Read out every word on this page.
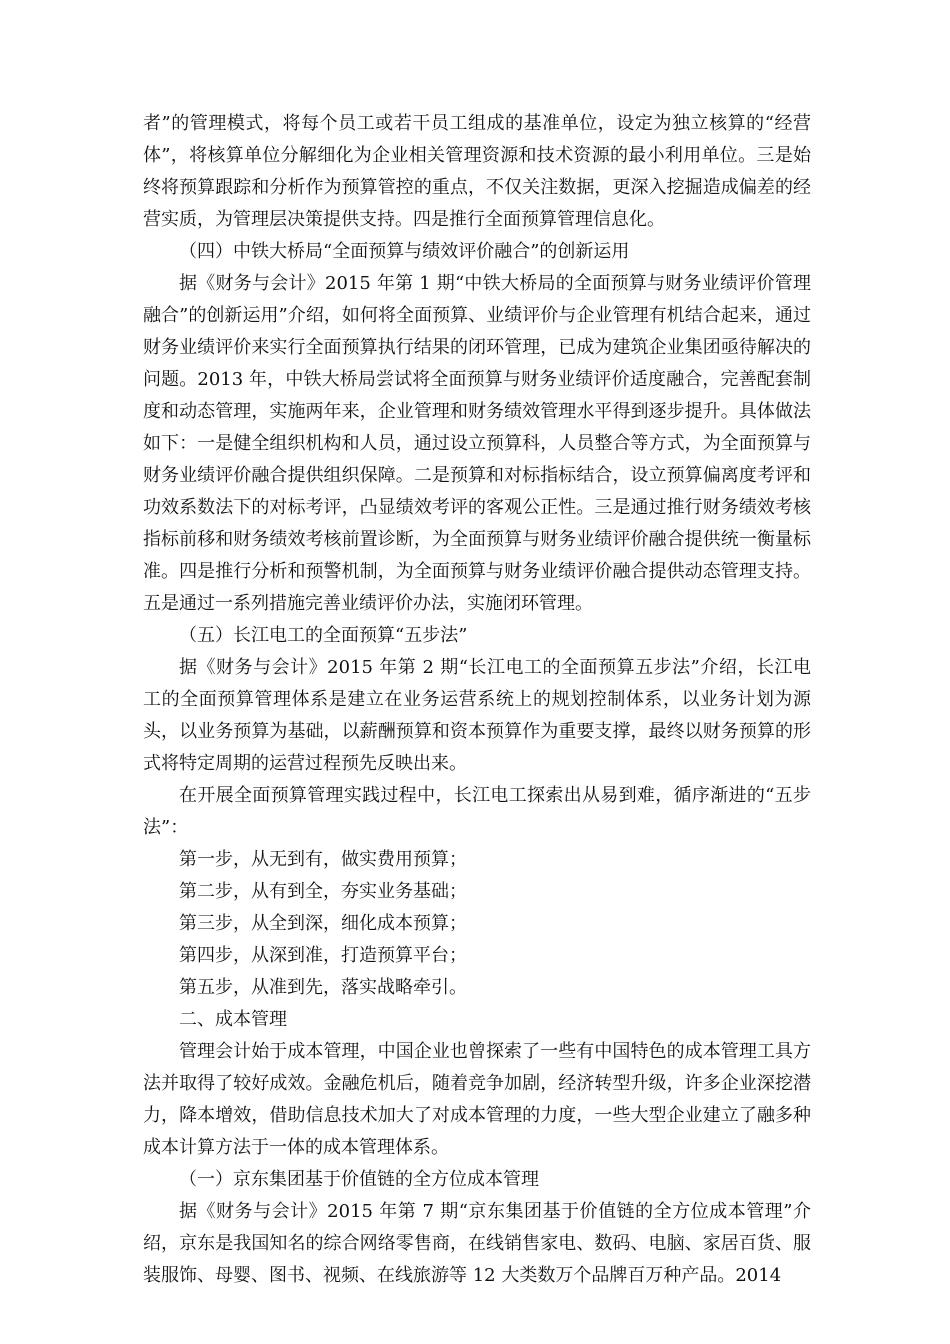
者”的管理模式，将每个员工或若干员工组成的基准单位，设定为独立核算的“经营体”，将核算单位分解细化为企业相关管理资源和技术资源的最小利用单位。三是始终将预算跟踪和分析作为预算管控的重点，不仅关注数据，更深入挖掘造成偏差的经营实质，为管理层决策提供支持。四是推行全面预算管理信息化。

（四）中铁大桥局“全面预算与绩效评价融合”的创新运用

据《财务与会计》2015 年第 1 期“中铁大桥局的全面预算与财务业绩评价管理融合”的创新运用”介绍，如何将全面预算、业绩评价与企业管理有机结合起来，通过财务业绩评价来实行全面预算执行结果的闭环管理，已成为建筑企业集团亟待解决的问题。2013 年，中铁大桥局尝试将全面预算与财务业绩评价适度融合，完善配套制度和动态管理，实施两年来，企业管理和财务绩效管理水平得到逐步提升。具体做法如下：一是健全组织机构和人员，通过设立预算科，人员整合等方式，为全面预算与财务业绩评价融合提供组织保障。二是预算和对标指标结合，设立预算偏离度考评和功效系数法下的对标考评，凸显绩效考评的客观公正性。三是通过推行财务绩效考核指标前移和财务绩效考核前置诊断，为全面预算与财务业绩评价融合提供统一衡量标准。四是推行分析和预警机制，为全面预算与财务业绩评价融合提供动态管理支持。五是通过一系列措施完善业绩评价办法，实施闭环管理。

（五）长江电工的全面预算“五步法”

据《财务与会计》2015 年第 2 期“长江电工的全面预算五步法”介绍，长江电工的全面预算管理体系是建立在业务运营系统上的规划控制体系，以业务计划为源头，以业务预算为基础，以薪酬预算和资本预算作为重要支撑，最终以财务预算的形式将特定周期的运营过程预先反映出来。

在开展全面预算管理实践过程中，长江电工探索出从易到难，循序渐进的“五步法”：

第一步，从无到有，做实费用预算；

第二步，从有到全，夯实业务基础；

第三步，从全到深，细化成本预算；

第四步，从深到准，打造预算平台；

第五步，从准到先，落实战略牵引。

二、成本管理

管理会计始于成本管理，中国企业也曾探索了一些有中国特色的成本管理工具方法并取得了较好成效。金融危机后，随着竞争加剧，经济转型升级，许多企业深挖潜力，降本增效，借助信息技术加大了对成本管理的力度，一些大型企业建立了融多种成本计算方法于一体的成本管理体系。

（一）京东集团基于价值链的全方位成本管理

据《财务与会计》2015 年第 7 期“京东集团基于价值链的全方位成本管理”介绍，京东是我国知名的综合网络零售商，在线销售家电、数码、电脑、家居百货、服装服饰、母婴、图书、视频、在线旅游等 12 大类数万个品牌百万种产品。2014
